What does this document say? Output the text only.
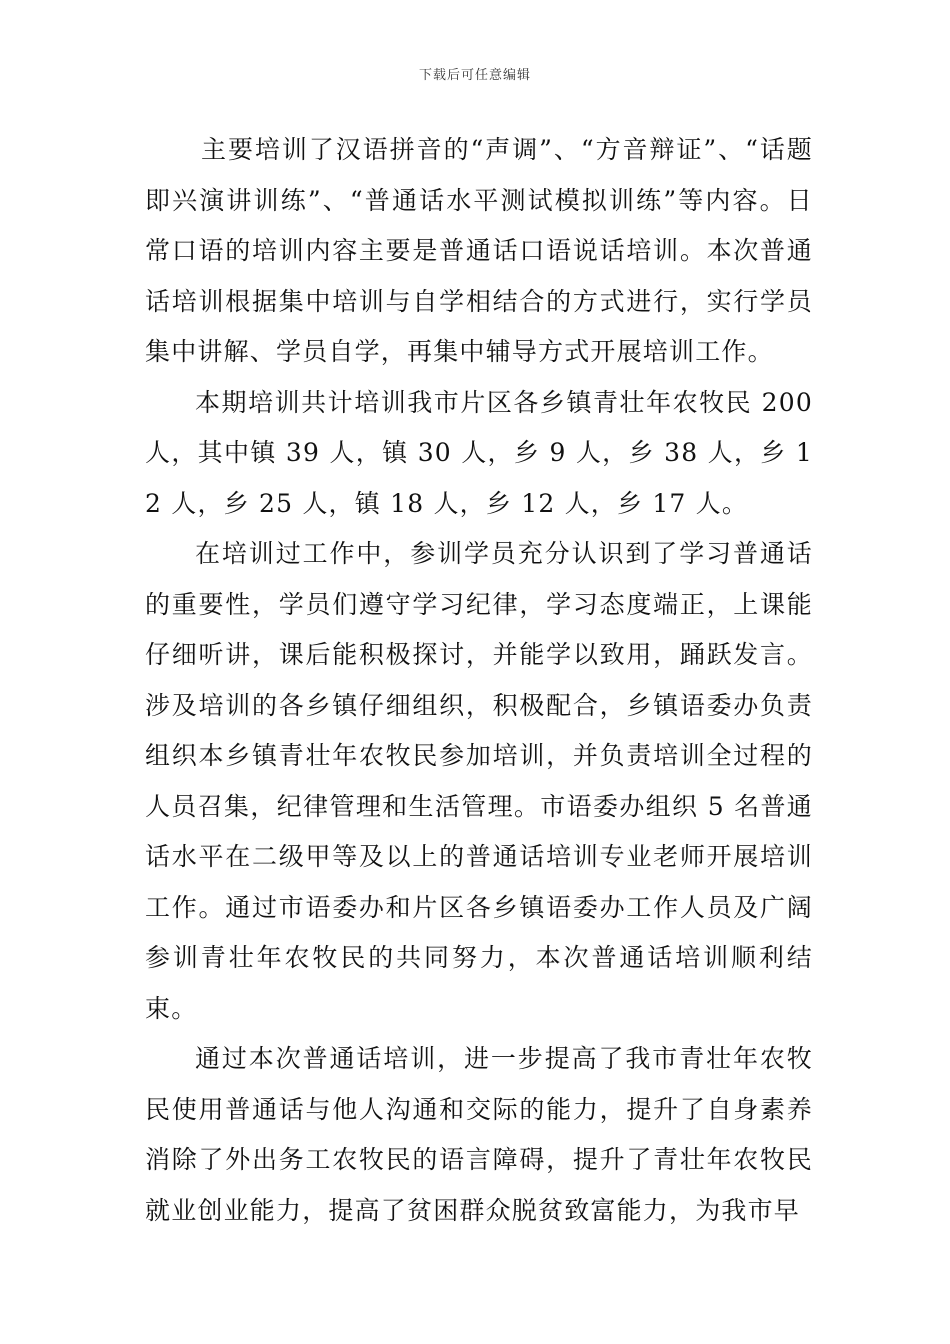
下载后可任意编辑

主要培训了汉语拼音的“声调”、“方音辩证”、“话题即兴演讲训练”、“普通话水平测试模拟训练”等内容。日常口语的培训内容主要是普通话口语说话培训。本次普通话培训根据集中培训与自学相结合的方式进行，实行学员集中讲解、学员自学，再集中辅导方式开展培训工作。

本期培训共计培训我市片区各乡镇青壮年农牧民 200 人，其中镇 39 人，镇 30 人，乡 9 人，乡 38 人，乡 12 人，乡 25 人，镇 18 人，乡 12 人，乡 17 人。

在培训过工作中，参训学员充分认识到了学习普通话的重要性，学员们遵守学习纪律，学习态度端正，上课能仔细听讲，课后能积极探讨，并能学以致用，踊跃发言。涉及培训的各乡镇仔细组织，积极配合，乡镇语委办负责组织本乡镇青壮年农牧民参加培训，并负责培训全过程的人员召集，纪律管理和生活管理。市语委办组织 5 名普通话水平在二级甲等及以上的普通话培训专业老师开展培训工作。通过市语委办和片区各乡镇语委办工作人员及广阔参训青壮年农牧民的共同努力，本次普通话培训顺利结束。

通过本次普通话培训，进一步提高了我市青壮年农牧民使用普通话与他人沟通和交际的能力，提升了自身素养消除了外出务工农牧民的语言障碍，提升了青壮年农牧民就业创业能力，提高了贫困群众脱贫致富能力，为我市早
